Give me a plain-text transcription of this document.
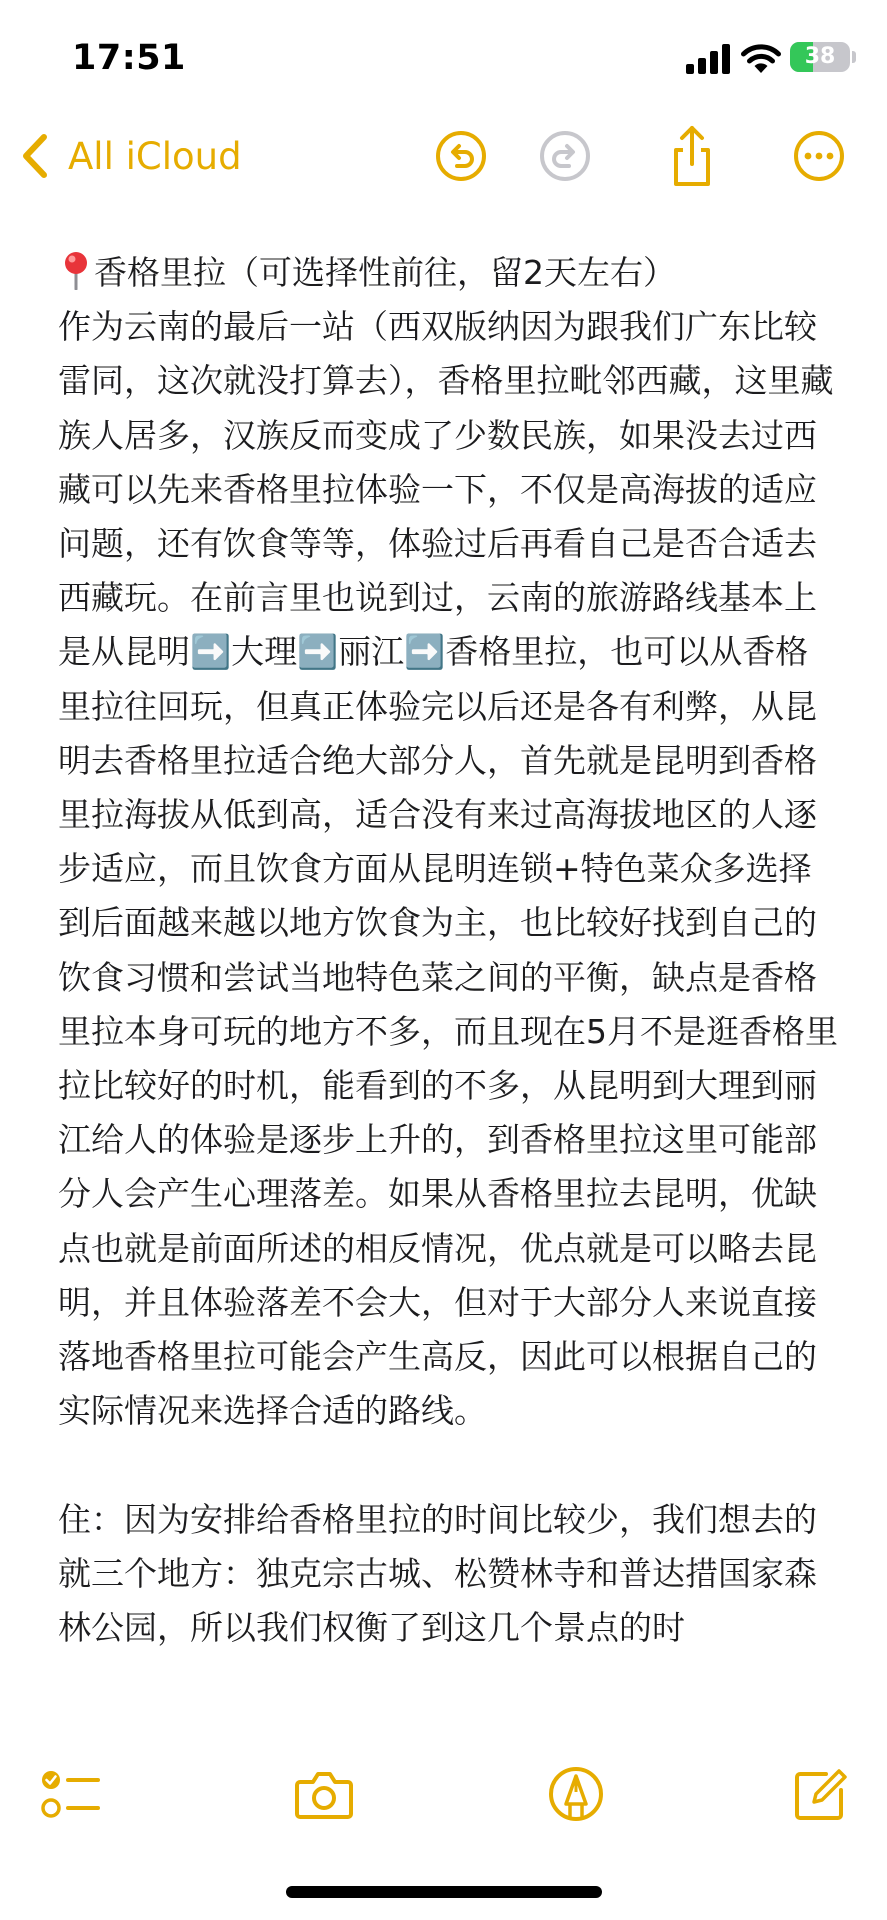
17:51	38
All iCloud

香格里拉（可选择性前往，留2天左右）

作为云南的最后一站（西双版纳因为跟我们广东比较雷同，这次就没打算去），香格里拉毗邻西藏，这里藏族人居多，汉族反而变成了少数民族，如果没去过西藏可以先来香格里拉体验一下，不仅是高海拔的适应问题，还有饮食等等，体验过后再看自己是否合适去西藏玩。在前言里也说到过，云南的旅游路线基本上是从昆明➡️大理➡️丽江➡️香格里拉，也可以从香格里拉往回玩，但真正体验完以后还是各有利弊，从昆明去香格里拉适合绝大部分人，首先就是昆明到香格里拉海拔从低到高，适合没有来过高海拔地区的人逐步适应，而且饮食方面从昆明连锁+特色菜众多选择到后面越来越以地方饮食为主，也比较好找到自己的饮食习惯和尝试当地特色菜之间的平衡，缺点是香格里拉本身可玩的地方不多，而且现在5月不是逛香格里拉比较好的时机，能看到的不多，从昆明到大理到丽江给人的体验是逐步上升的，到香格里拉这里可能部分人会产生心理落差。如果从香格里拉去昆明，优缺点也就是前面所述的相反情况，优点就是可以略去昆明，并且体验落差不会大，但对于大部分人来说直接落地香格里拉可能会产生高反，因此可以根据自己的实际情况来选择合适的路线。

住：因为安排给香格里拉的时间比较少，我们想去的就三个地方：独克宗古城、松赞林寺和普达措国家森林公园，所以我们权衡了到这几个景点的时
